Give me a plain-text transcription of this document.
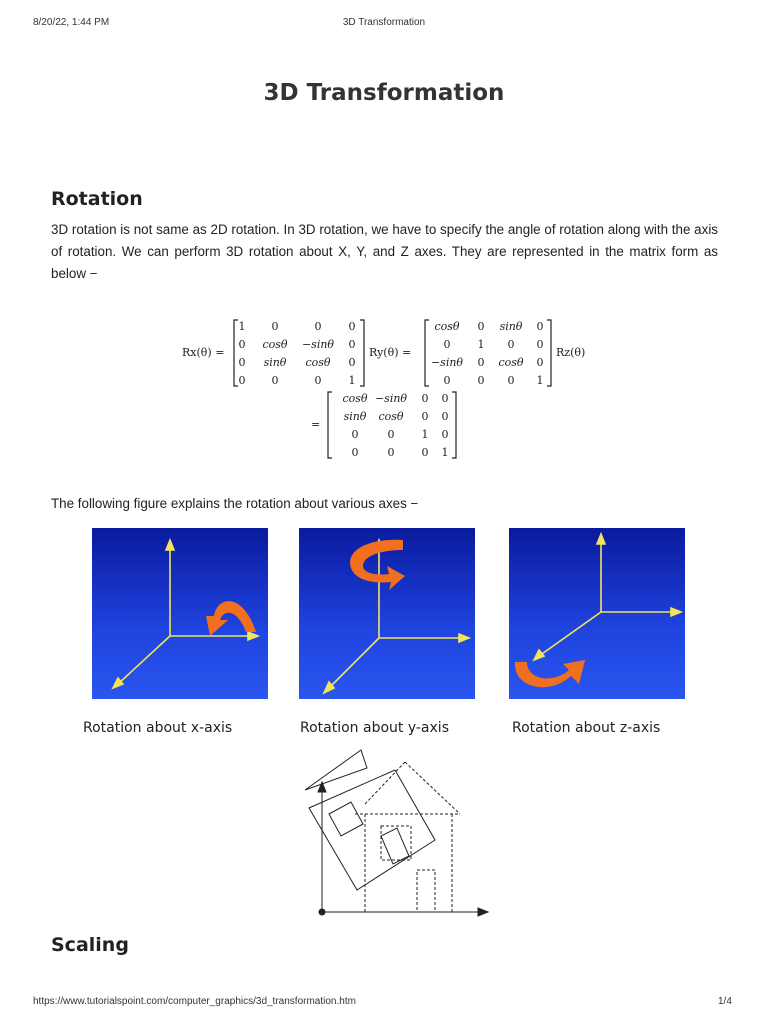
8/20/22, 1:44 PM	3D Transformation
3D Transformation
Rotation

3D rotation is not same as 2D rotation. In 3D rotation, we have to specify the angle of rotation along with the axis of rotation. We can perform 3D rotation about X, Y, and Z axes. They are represented in the matrix form as below −

Rx(θ) =	Ry(θ) =	Rz(θ)
=
1 0	0 0
0 cosθ −sinθ 0
0 sinθ cosθ 0
0 0	0 1
cosθ 0 sinθ 0
0 1 0 0
−sinθ 0 cosθ 0
0 0 0 1
cosθ −sinθ 0 0
sinθ cosθ 0 0
0	0 1 0
0	0 0 1

The following figure explains the rotation about various axes −

Rotation about x-axis	Rotation about y-axis	Rotation about z-axis
Scaling
https://www.tutorialspoint.com/computer_graphics/3d_transformation.htm	1/4
